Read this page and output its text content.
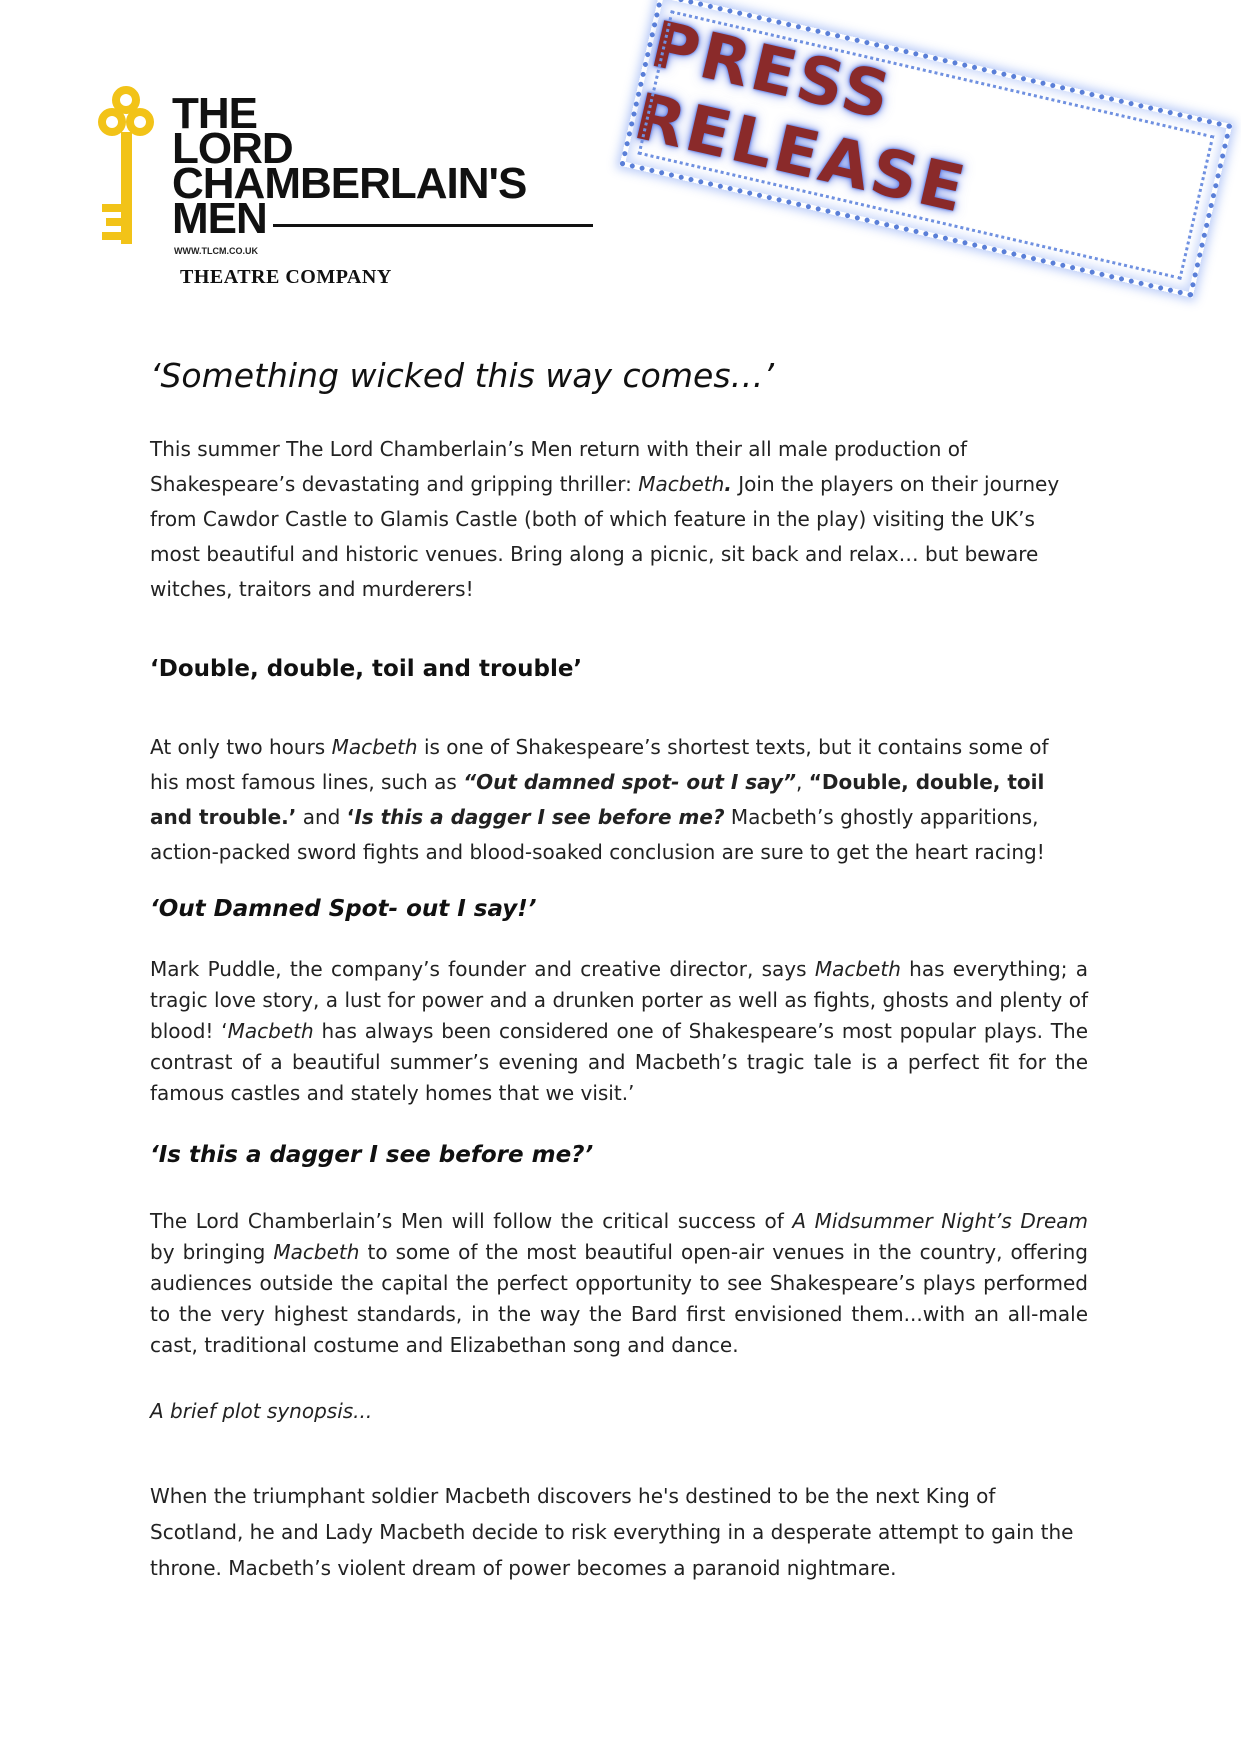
THE
LORD
CHAMBERLAIN'S
MEN
WWW.TLCM.CO.UK
THEATRE COMPANY
PRESS RELEASE
‘Something wicked this way comes…’

This summer The Lord Chamberlain’s Men return with their all male production of Shakespeare’s devastating and gripping thriller: Macbeth. Join the players on their journey from Cawdor Castle to Glamis Castle (both of which feature in the play) visiting the UK’s most beautiful and historic venues. Bring along a picnic, sit back and relax… but beware witches, traitors and murderers!

‘Double, double, toil and trouble’

At only two hours Macbeth is one of Shakespeare’s shortest texts, but it contains some of his most famous lines, such as “Out damned spot- out I say”, “Double, double, toil and trouble.’ and ‘Is this a dagger I see before me? Macbeth’s ghostly apparitions, action-packed sword fights and blood-soaked conclusion are sure to get the heart racing!

‘Out Damned Spot- out I say!’

Mark Puddle, the company’s founder and creative director, says Macbeth has everything; a tragic love story, a lust for power and a drunken porter as well as fights, ghosts and plenty of blood! ‘Macbeth has always been considered one of Shakespeare’s most popular plays. The contrast of a beautiful summer’s evening and Macbeth’s tragic tale is a perfect fit for the famous castles and stately homes that we visit.’

‘Is this a dagger I see before me?’

The Lord Chamberlain’s Men will follow the critical success of A Midsummer Night’s Dream by bringing Macbeth to some of the most beautiful open-air venues in the country, offering audiences outside the capital the perfect opportunity to see Shakespeare’s plays performed to the very highest standards, in the way the Bard first envisioned them...with an all-male cast, traditional costume and Elizabethan song and dance.

A brief plot synopsis...

When the triumphant soldier Macbeth discovers he's destined to be the next King of Scotland, he and Lady Macbeth decide to risk everything in a desperate attempt to gain the throne. Macbeth’s violent dream of power becomes a paranoid nightmare.
